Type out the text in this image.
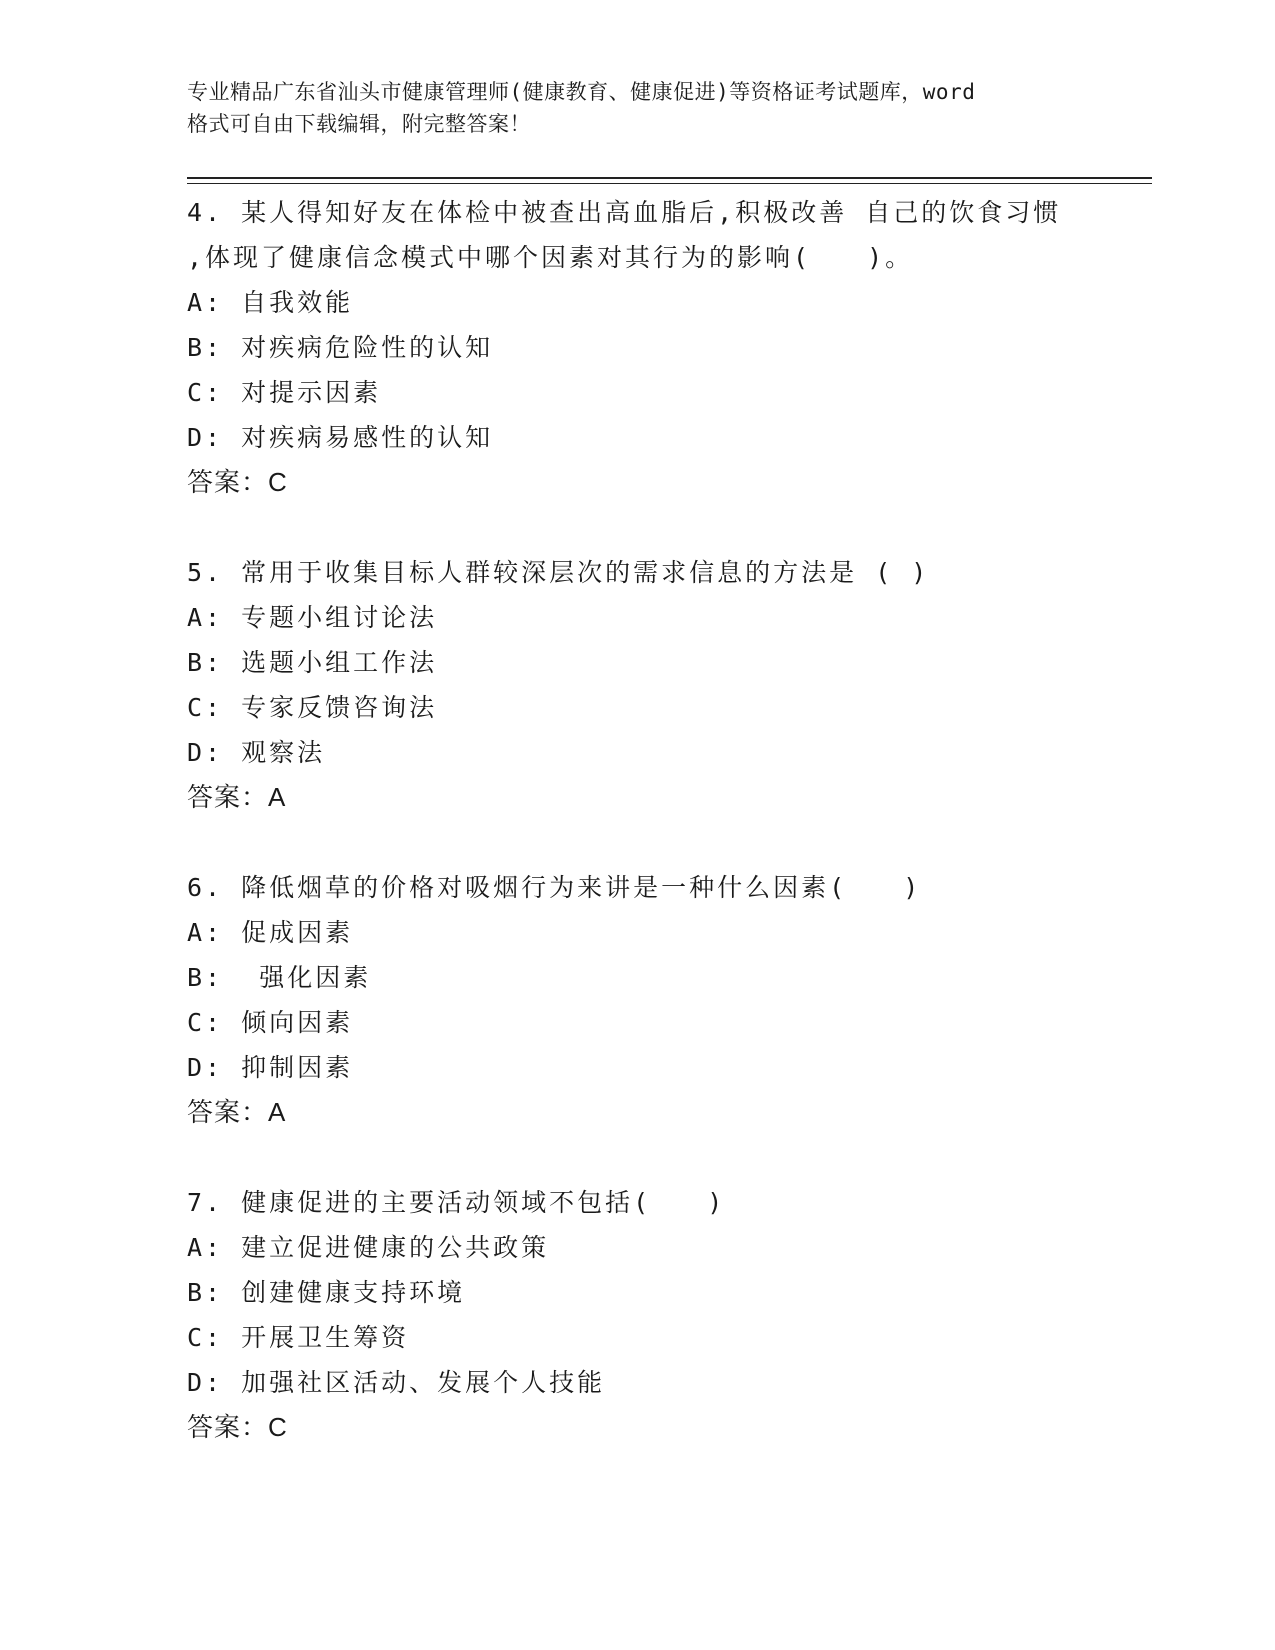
专业精品广东省汕头市健康管理师(健康教育、健康促进)等资格证考试题库，word
格式可自由下载编辑，附完整答案！
4. 某人得知好友在体检中被查出高血脂后,积极改善 自己的饮食习惯
,体现了健康信念模式中哪个因素对其行为的影响(　　)。
A: 自我效能
B: 对疾病危险性的认知
C: 对提示因素
D: 对疾病易感性的认知
答案：C
5. 常用于收集目标人群较深层次的需求信息的方法是 ( )
A: 专题小组讨论法
B: 选题小组工作法
C: 专家反馈咨询法
D: 观察法
答案：A
6. 降低烟草的价格对吸烟行为来讲是一种什么因素(　　)
A: 促成因素
B:  强化因素
C: 倾向因素
D: 抑制因素
答案：A
7. 健康促进的主要活动领域不包括(　　)
A: 建立促进健康的公共政策
B: 创建健康支持环境
C: 开展卫生筹资
D: 加强社区活动、发展个人技能
答案：C
